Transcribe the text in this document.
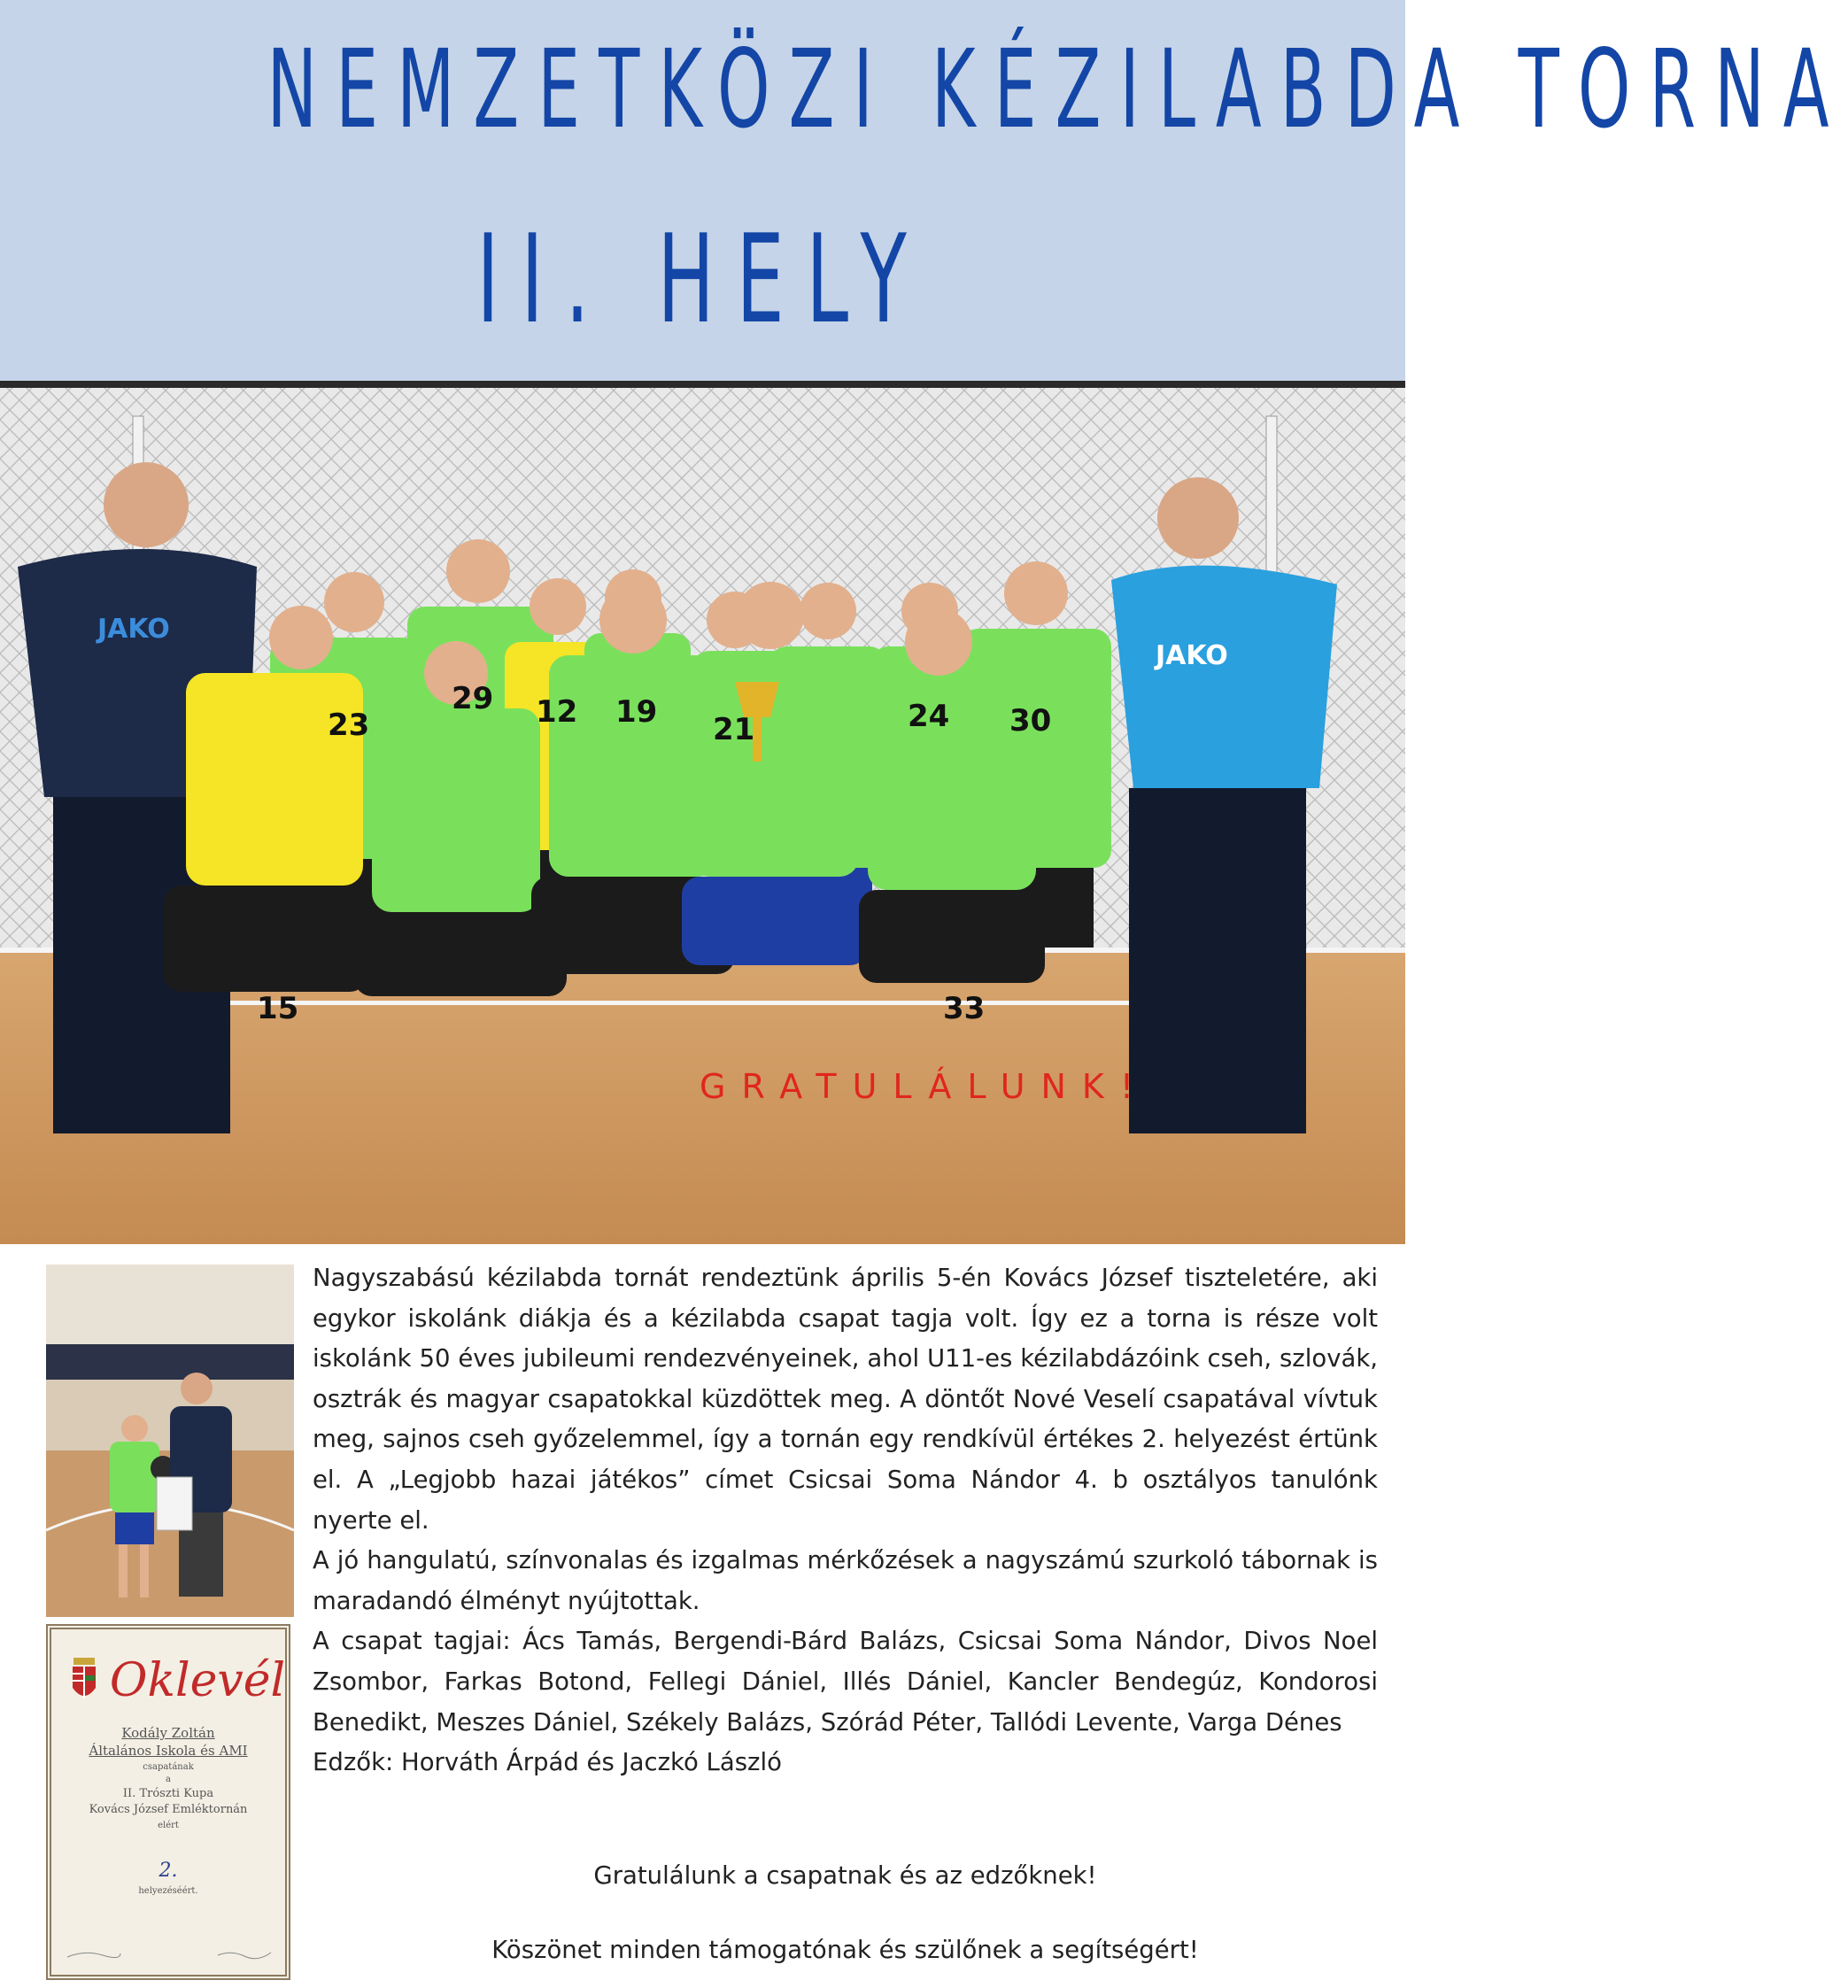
NEMZETKÖZI KÉZILABDA TORNA
II. HELY
JAKO
JAKO
23
29 12 19 21	24 30
15	33
GRATULÁLUNK!
Oklevél
Kodály Zoltán
Általános Iskola és AMI
csapatának
a
II. Trószti Kupa
Kovács József Emléktornán
elért
2.
helyezéséért.

Nagyszabású kézilabda tornát rendeztünk április 5-én Kovács József tiszteletére, aki egykor iskolánk diákja és a kézilabda csapat tagja volt. Így ez a torna is része volt iskolánk 50 éves jubileumi rendezvényeinek, ahol U11-es kézilabdázóink cseh, szlovák, osztrák és magyar csapatokkal küzdöttek meg. A döntőt Nové Veselí csapatával vívtuk meg, sajnos cseh győzelemmel, így a tornán egy rendkívül értékes 2. helyezést értünk el. A „Legjobb hazai játékos” címet Csicsai Soma Nándor 4. b osztályos tanulónk nyerte el.

A jó hangulatú, színvonalas és izgalmas mérkőzések a nagyszámú szurkoló tábornak is maradandó élményt nyújtottak.

A csapat tagjai: Ács Tamás, Bergendi-Bárd Balázs, Csicsai Soma Nándor, Divos Noel Zsombor, Farkas Botond, Fellegi Dániel, Illés Dániel, Kancler Bendegúz, Kondorosi Benedikt, Meszes Dániel, Székely Balázs, Szórád Péter, Tallódi Levente, Varga Dénes

Edzők: Horváth Árpád és Jaczkó László

Gratulálunk a csapatnak és az edzőknek!
Köszönet minden támogatónak és szülőnek a segítségért!
